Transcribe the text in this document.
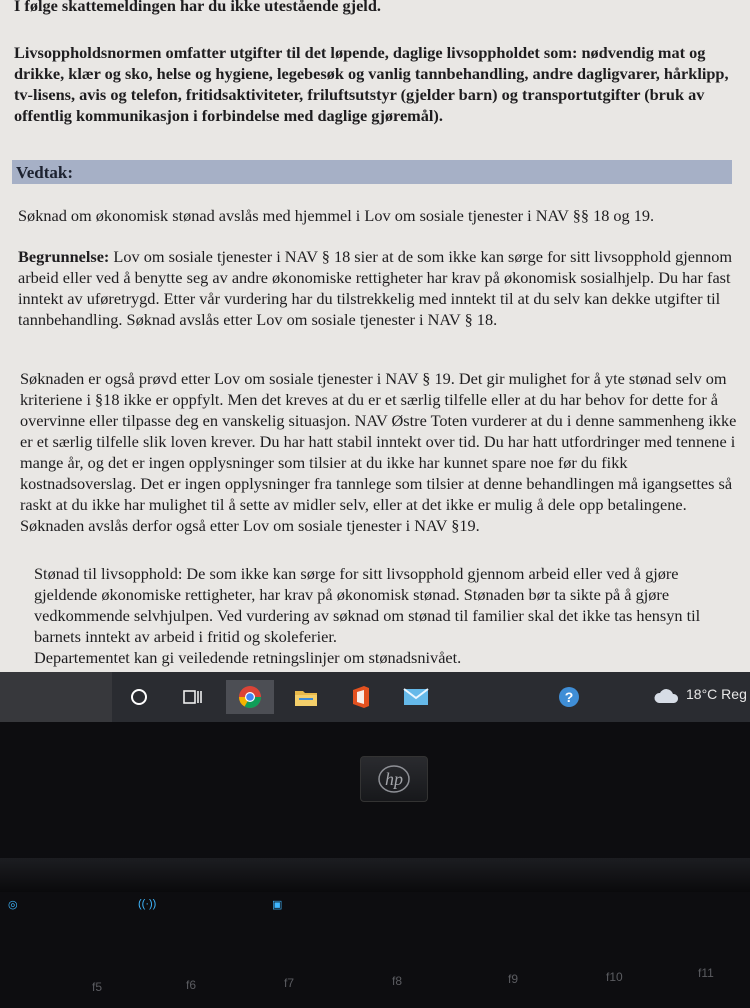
I følge skattemeldingen har du ikke utestående gjeld.

Livsoppholdsnormen omfatter utgifter til det løpende, daglige livsoppholdet som: nødvendig mat og drikke, klær og sko, helse og hygiene, legebesøk og vanlig tannbehandling, andre dagligvarer, hårklipp, tv-lisens, avis og telefon, fritidsaktiviteter, friluftsutstyr (gjelder barn) og transportutgifter (bruk av offentlig kommunikasjon i forbindelse med daglige gjøremål).

Vedtak:

Søknad om økonomisk stønad avslås med hjemmel i Lov om sosiale tjenester i NAV §§ 18 og 19.

Begrunnelse: Lov om sosiale tjenester i NAV § 18 sier at de som ikke kan sørge for sitt livsopphold gjennom arbeid eller ved å benytte seg av andre økonomiske rettigheter har krav på økonomisk sosialhjelp. Du har fast inntekt av uføretrygd. Etter vår vurdering har du tilstrekkelig med inntekt til at du selv kan dekke utgifter til tannbehandling. Søknad avslås etter Lov om sosiale tjenester i NAV § 18.

Søknaden er også prøvd etter Lov om sosiale tjenester i NAV § 19. Det gir mulighet for å yte stønad selv om kriteriene i §18 ikke er oppfylt. Men det kreves at du er et særlig tilfelle eller at du har behov for dette for å overvinne eller tilpasse deg en vanskelig situasjon. NAV Østre Toten vurderer at du i denne sammenheng ikke er et særlig tilfelle slik loven krever. Du har hatt stabil inntekt over tid. Du har hatt utfordringer med tennene i mange år, og det er ingen opplysninger som tilsier at du ikke har kunnet spare noe før du fikk kostnadsoverslag. Det er ingen opplysninger fra tannlege som tilsier at denne behandlingen må igangsettes så raskt at du ikke har mulighet til å sette av midler selv, eller at det ikke er mulig å dele opp betalingene. Søknaden avslås derfor også etter Lov om sosiale tjenester i NAV §19.

Stønad til livsopphold: De som ikke kan sørge for sitt livsopphold gjennom arbeid eller ved å gjøre gjeldende økonomiske rettigheter, har krav på økonomisk stønad. Stønaden bør ta sikte på å gjøre vedkommende selvhjulpen. Ved vurdering av søknad om stønad til familier skal det ikke tas hensyn til barnets inntekt av arbeid i fritid og skoleferier.
Departementet kan gi veiledende retningslinjer om stønadsnivået.
?	18°C Reg
hp
◎	((·))	▣
f5	f6	f7	f8	f9	f10	f11
